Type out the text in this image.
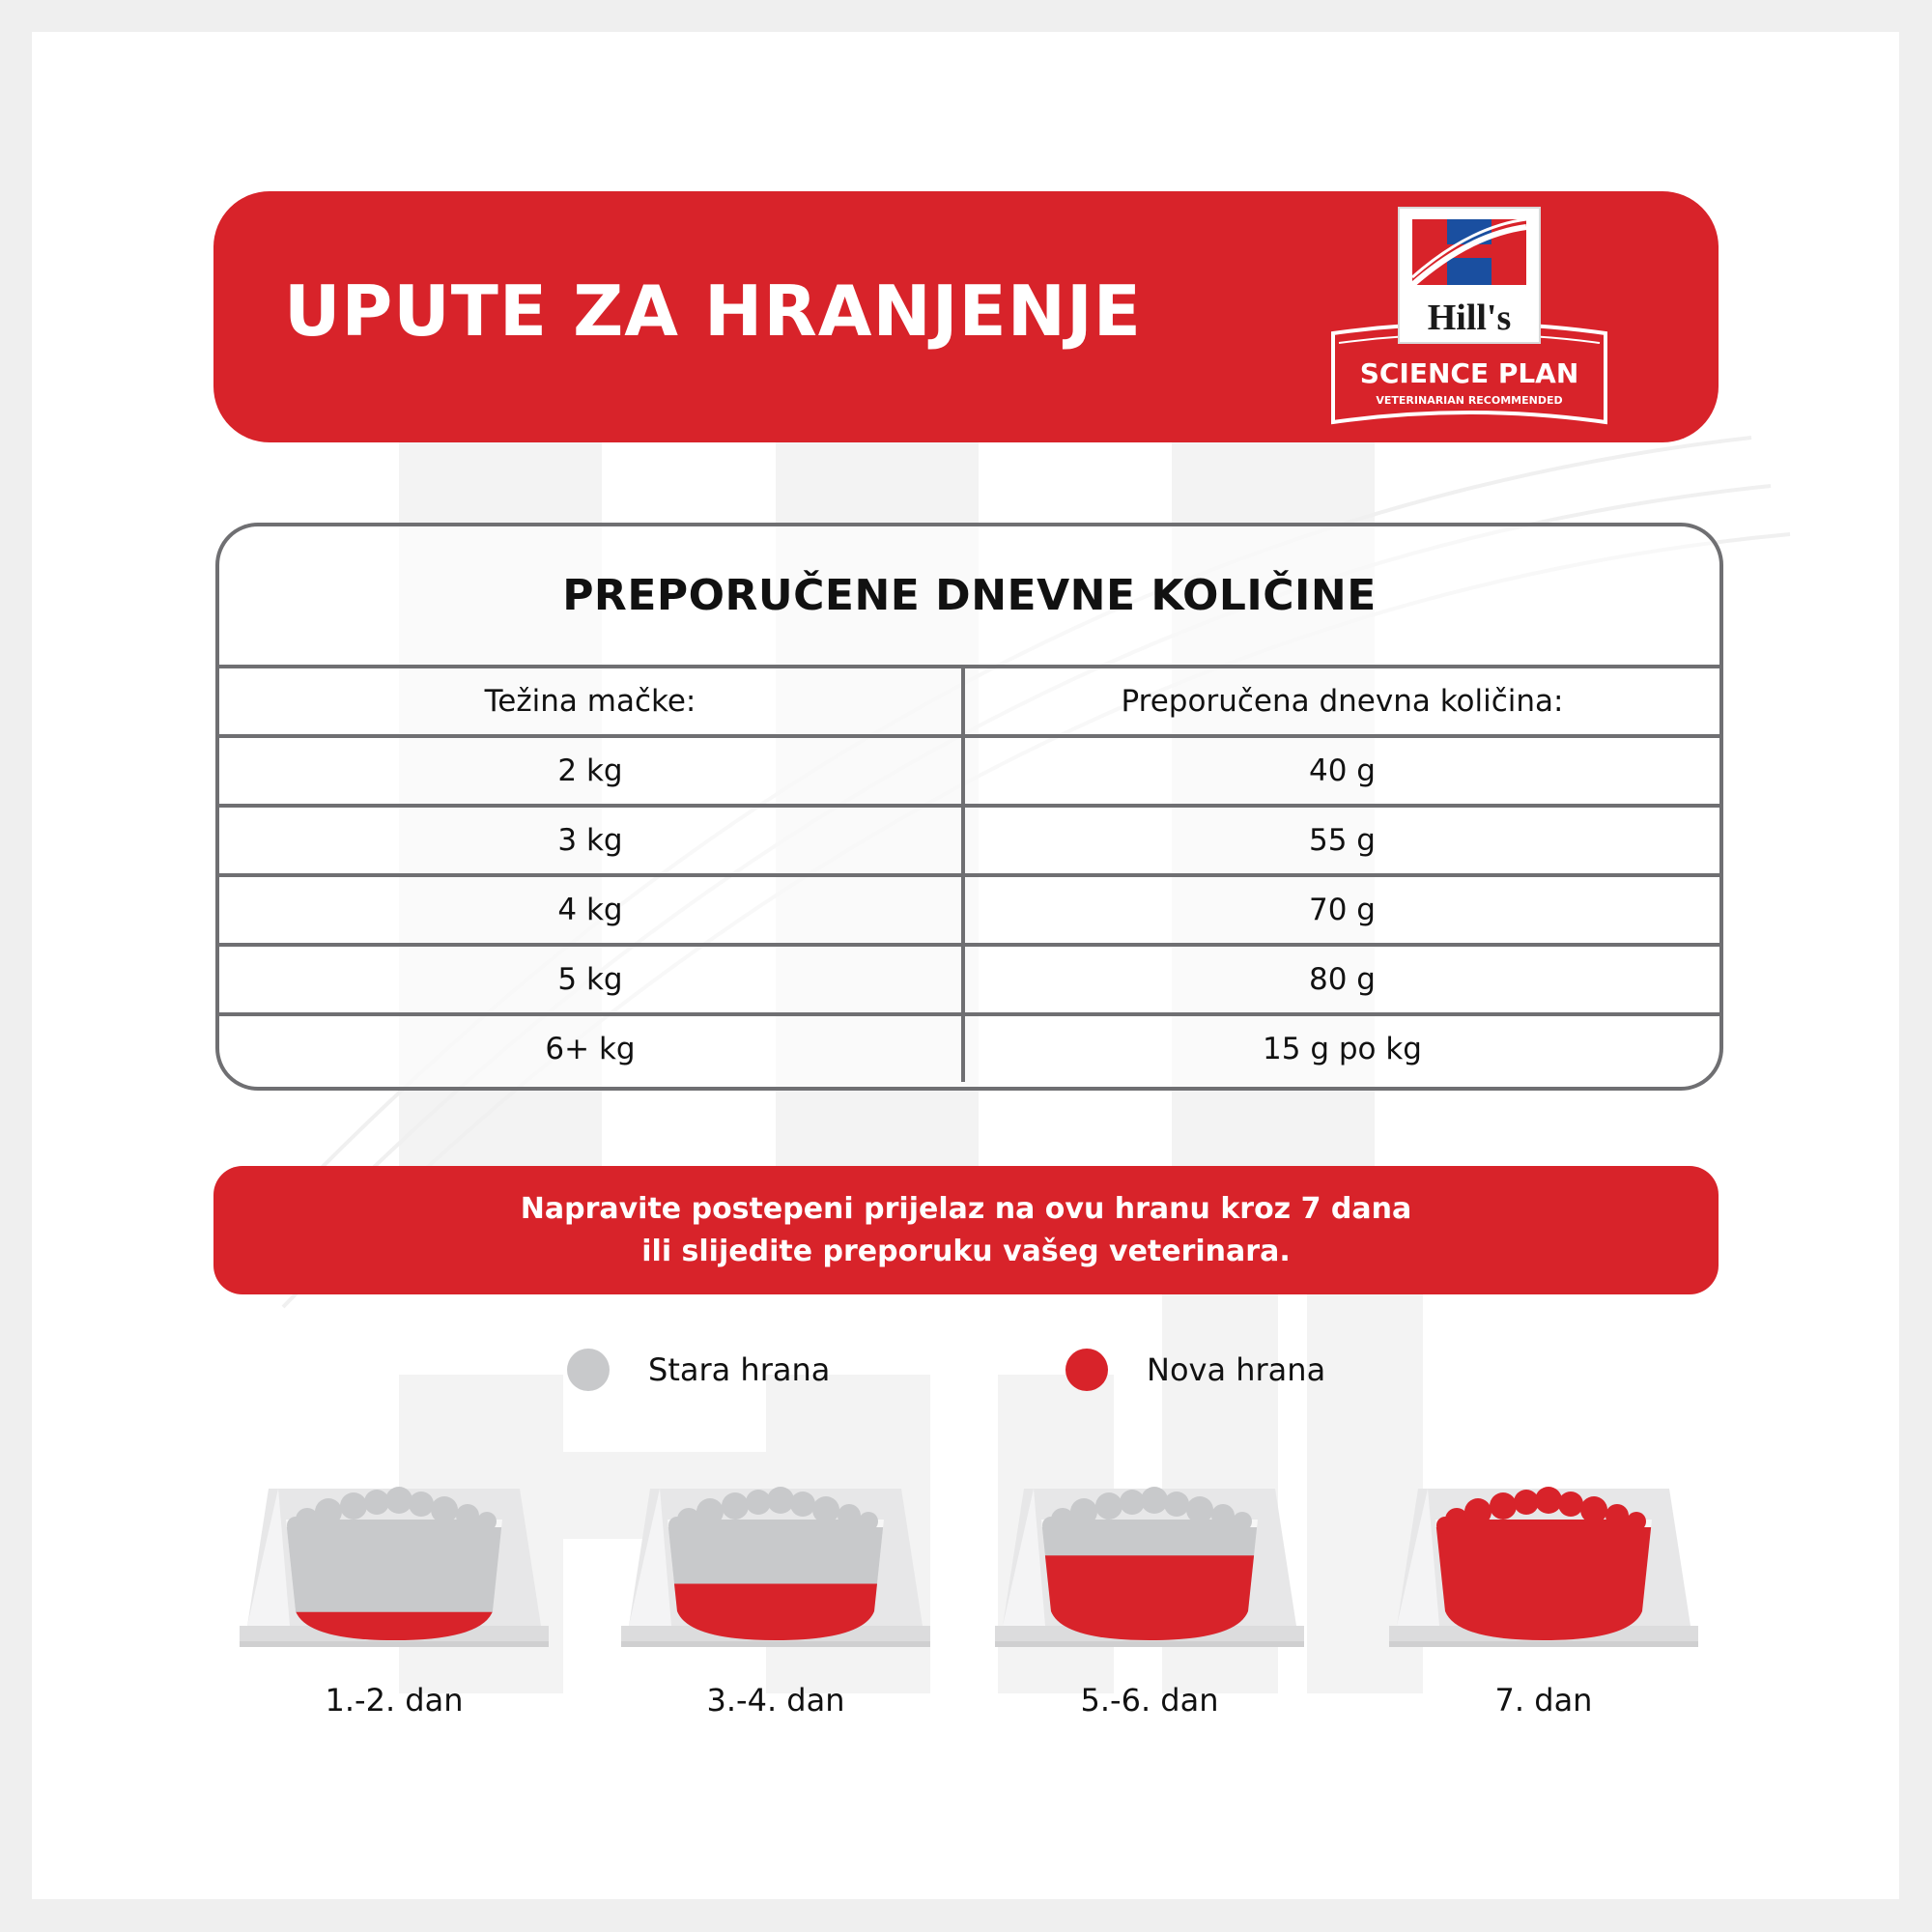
UPUTE ZA HRANJENJE	Hill's
SCIENCE PLAN
VETERINARIAN RECOMMENDED
PREPORUČENE DNEVNE KOLIČINE
Težina mačke:	Preporučena dnevna količina:
2 kg	40 g
3 kg	55 g
4 kg	70 g
5 kg	80 g
6+ kg	15 g po kg

Napravite postepeni prijelaz na ovu hranu kroz 7 dana

ili slijedite preporuku vašeg veterinara.

Stara hrana	Nova hrana
1.-2. dan	3.-4. dan	5.-6. dan	7. dan
